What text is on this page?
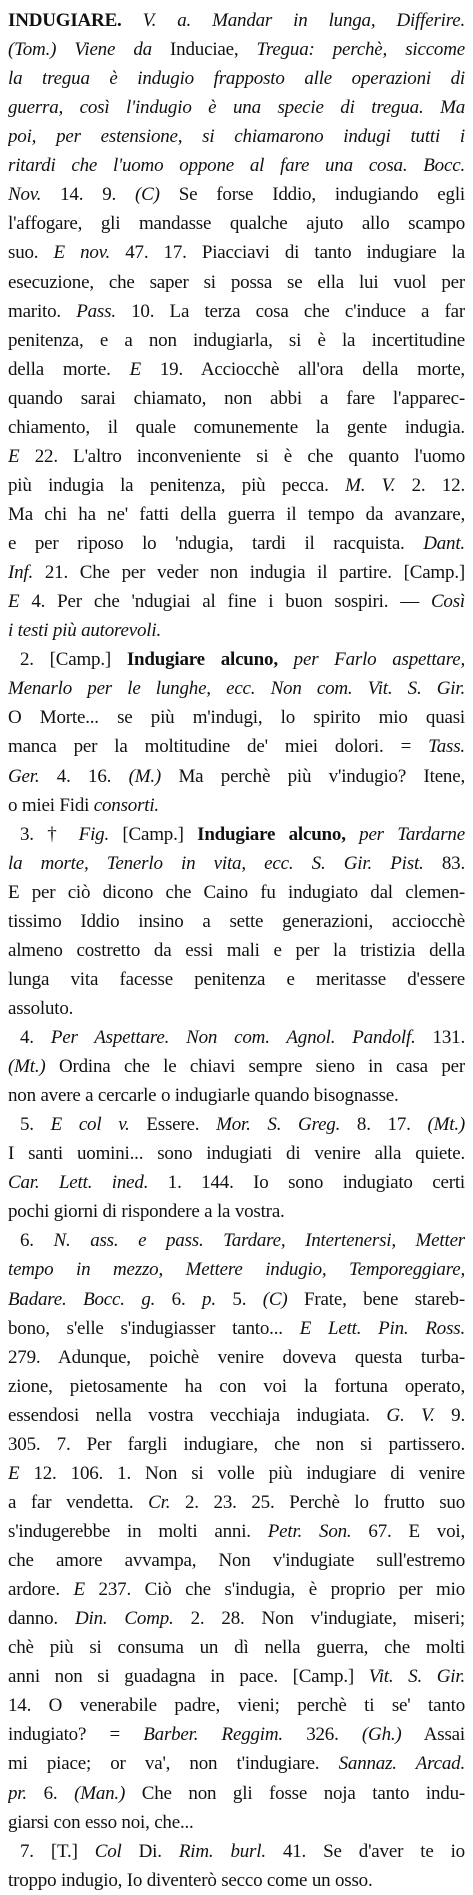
INDUGIARE. V. a. Mandar in lunga, Differire.
(Tom.) Viene da Induciae, Tregua: perchè, siccome
la tregua è indugio frapposto alle operazioni di
guerra, così l'indugio è una specie di tregua. Ma
poi, per estensione, si chiamarono indugi tutti i
ritardi che l'uomo oppone al fare una cosa. Bocc.
Nov. 14. 9. (C) Se forse Iddio, indugiando egli
l'affogare, gli mandasse qualche ajuto allo scampo
suo. E nov. 47. 17. Piacciavi di tanto indugiare la
esecuzione, che saper si possa se ella lui vuol per
marito. Pass. 10. La terza cosa che c'induce a far
penitenza, e a non indugiarla, si è la incertitudine
della morte. E 19. Acciocchè all'ora della morte,
quando sarai chiamato, non abbi a fare l'apparec-
chiamento, il quale comunemente la gente indugia.
E 22. L'altro inconveniente si è che quanto l'uomo
più indugia la penitenza, più pecca. M. V. 2. 12.
Ma chi ha ne' fatti della guerra il tempo da avanzare,
e per riposo lo 'ndugia, tardi il racquista. Dant.
Inf. 21. Che per veder non indugia il partire. [Camp.]
E 4. Per che 'ndugiai al fine i buon sospiri. — Così
i testi più autorevoli.
2. [Camp.] Indugiare alcuno, per Farlo aspettare,
Menarlo per le lunghe, ecc. Non com. Vit. S. Gir.
O Morte... se più m'indugi, lo spirito mio quasi
manca per la moltitudine de' miei dolori. = Tass.
Ger. 4. 16. (M.) Ma perchè più v'indugio? Itene,
o miei Fidi consorti.
3. † Fig. [Camp.] Indugiare alcuno, per Tardarne
la morte, Tenerlo in vita, ecc. S. Gir. Pist. 83.
E per ciò dicono che Caino fu indugiato dal clemen-
tissimo Iddio insino a sette generazioni, acciocchè
almeno costretto da essi mali e per la tristizia della
lunga vita facesse penitenza e meritasse d'essere
assoluto.
4. Per Aspettare. Non com. Agnol. Pandolf. 131.
(Mt.) Ordina che le chiavi sempre sieno in casa per
non avere a cercarle o indugiarle quando bisognasse.
5. E col v. Essere. Mor. S. Greg. 8. 17. (Mt.)
I santi uomini... sono indugiati di venire alla quiete.
Car. Lett. ined. 1. 144. Io sono indugiato certi
pochi giorni di rispondere a la vostra.
6. N. ass. e pass. Tardare, Intertenersi, Metter
tempo in mezzo, Mettere indugio, Temporeggiare,
Badare. Bocc. g. 6. p. 5. (C) Frate, bene stareb-
bono, s'elle s'indugiasser tanto... E Lett. Pin. Ross.
279. Adunque, poichè venire doveva questa turba-
zione, pietosamente ha con voi la fortuna operato,
essendosi nella vostra vecchiaja indugiata. G. V. 9.
305. 7. Per fargli indugiare, che non si partissero.
E 12. 106. 1. Non si volle più indugiare di venire
a far vendetta. Cr. 2. 23. 25. Perchè lo frutto suo
s'indugerebbe in molti anni. Petr. Son. 67. E voi,
che amore avvampa, Non v'indugiate sull'estremo
ardore. E 237. Ciò che s'indugia, è proprio per mio
danno. Din. Comp. 2. 28. Non v'indugiate, miseri;
chè più si consuma un dì nella guerra, che molti
anni non si guadagna in pace. [Camp.] Vit. S. Gir.
14. O venerabile padre, vieni; perchè ti se' tanto
indugiato? = Barber. Reggim. 326. (Gh.) Assai
mi piace; or va', non t'indugiare. Sannaz. Arcad.
pr. 6. (Man.) Che non gli fosse noja tanto indu-
giarsi con esso noi, che...
7. [T.] Col Di. Rim. burl. 41. Se d'aver te io
troppo indugio, Io diventerò secco come un osso.
